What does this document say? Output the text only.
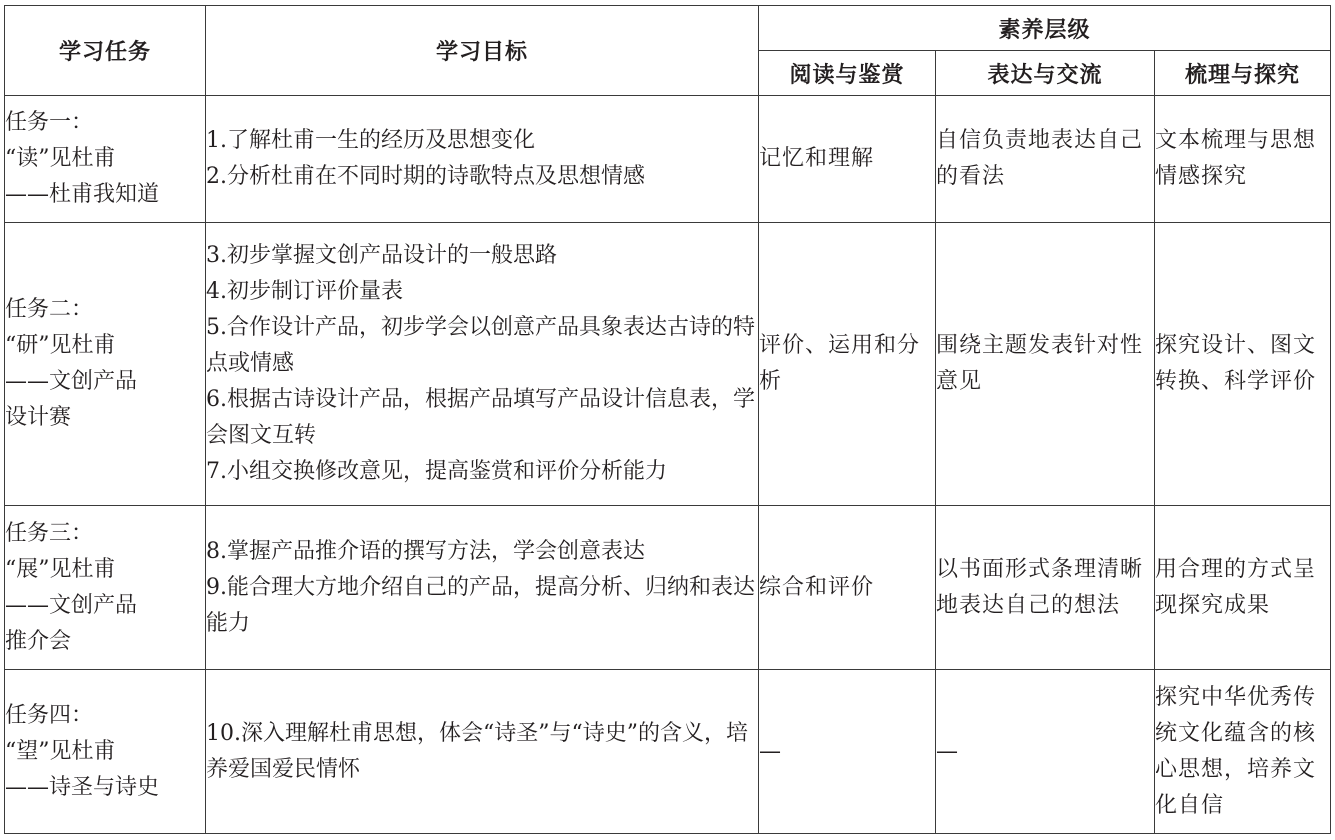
学习任务	学习目标	素养层级		
		阅读与鉴赏	表达与交流	梳理与探究

任务一：
“读”见杜甫
——杜甫我知道	1.了解杜甫一生的经历及思想变化
2.分析杜甫在不同时期的诗歌特点及思想情感	记忆和理解	自信负责地表达自己的看法	文本梳理与思想情感探究

任务二：
“研”见杜甫
——文创产品
设计赛	3.初步掌握文创产品设计的一般思路
4.初步制订评价量表
5.合作设计产品，初步学会以创意产品具象表达古诗的特点或情感
6.根据古诗设计产品，根据产品填写产品设计信息表，学会图文互转
7.小组交换修改意见，提高鉴赏和评价分析能力	评价、运用和分析	围绕主题发表针对性意见	探究设计、图文转换、科学评价

任务三：
“展”见杜甫
——文创产品
推介会	8.掌握产品推介语的撰写方法，学会创意表达
9.能合理大方地介绍自己的产品，提高分析、归纳和表达能力	综合和评价	以书面形式条理清晰地表达自己的想法	用合理的方式呈现探究成果

任务四：
“望”见杜甫
——诗圣与诗史	10.深入理解杜甫思想，体会“诗圣”与“诗史”的含义，培养爱国爱民情怀	—	—	探究中华优秀传统文化蕴含的核心思想，培养文化自信
